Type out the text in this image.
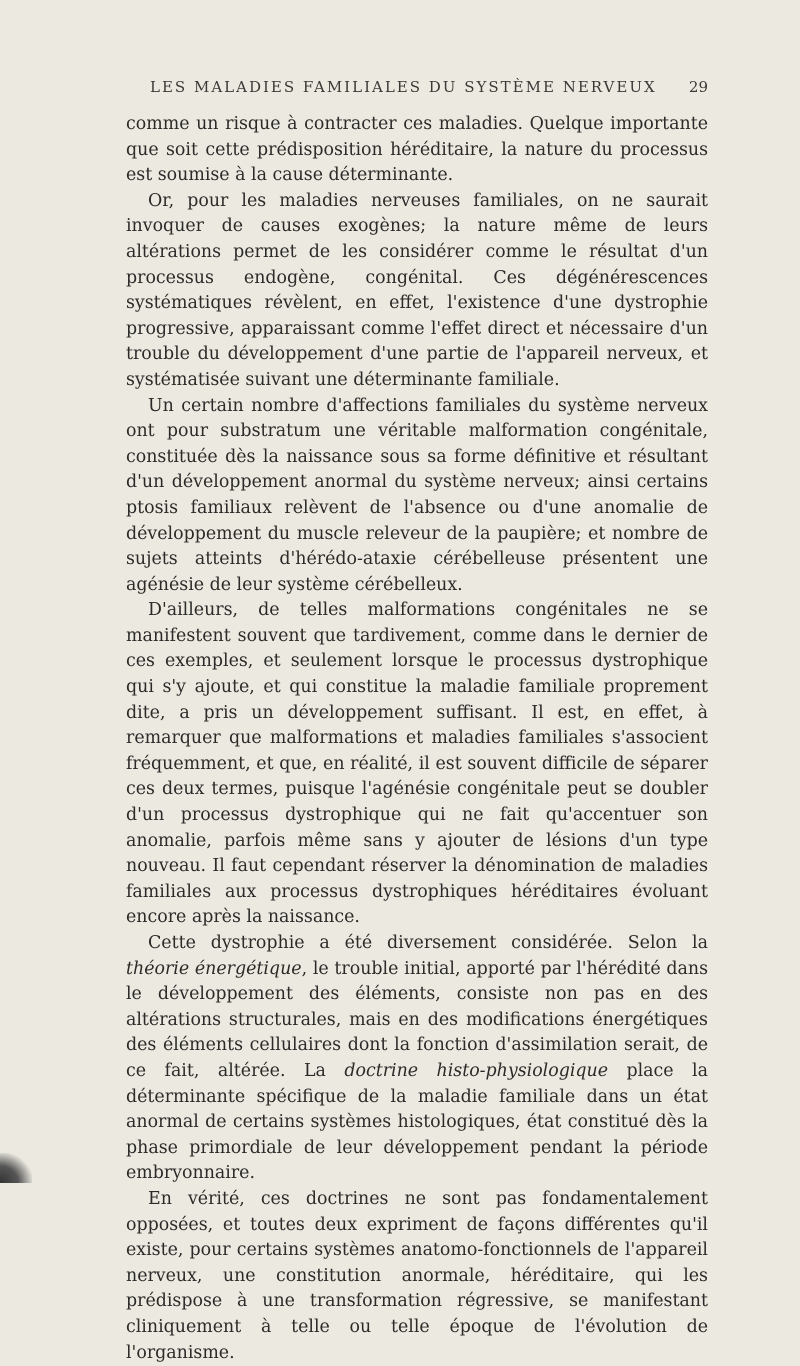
LES MALADIES FAMILIALES DU SYSTÈME NERVEUX 29

comme un risque à contracter ces maladies. Quelque importante que soit cette prédisposition héréditaire, la nature du processus est soumise à la cause déterminante.

Or, pour les maladies nerveuses familiales, on ne saurait invoquer de causes exogènes; la nature même de leurs altérations permet de les considérer comme le résultat d'un processus endogène, congénital. Ces dégénérescences systématiques révèlent, en effet, l'existence d'une dystrophie progressive, apparaissant comme l'effet direct et nécessaire d'un trouble du développement d'une partie de l'appareil nerveux, et systématisée suivant une déterminante familiale.

Un certain nombre d'affections familiales du système nerveux ont pour substratum une véritable malformation congénitale, constituée dès la naissance sous sa forme définitive et résultant d'un développement anormal du système nerveux; ainsi certains ptosis familiaux relèvent de l'absence ou d'une anomalie de développement du muscle releveur de la paupière; et nombre de sujets atteints d'hérédo-ataxie cérébelleuse présentent une agénésie de leur système cérébelleux.

D'ailleurs, de telles malformations congénitales ne se manifestent souvent que tardivement, comme dans le dernier de ces exemples, et seulement lorsque le processus dystrophique qui s'y ajoute, et qui constitue la maladie familiale proprement dite, a pris un développement suffisant. Il est, en effet, à remarquer que malformations et maladies familiales s'associent fréquemment, et que, en réalité, il est souvent difficile de séparer ces deux termes, puisque l'agénésie congénitale peut se doubler d'un processus dystrophique qui ne fait qu'accentuer son anomalie, parfois même sans y ajouter de lésions d'un type nouveau. Il faut cependant réserver la dénomination de maladies familiales aux processus dystrophiques héréditaires évoluant encore après la naissance.

Cette dystrophie a été diversement considérée. Selon la théorie énergétique, le trouble initial, apporté par l'hérédité dans le développement des éléments, consiste non pas en des altérations structurales, mais en des modifications énergétiques des éléments cellulaires dont la fonction d'assimilation serait, de ce fait, altérée. La doctrine histo-physiologique place la déterminante spécifique de la maladie familiale dans un état anormal de certains systèmes histologiques, état constitué dès la phase primordiale de leur développement pendant la période embryonnaire.

En vérité, ces doctrines ne sont pas fondamentalement opposées, et toutes deux expriment de façons différentes qu'il existe, pour certains systèmes anatomo-fonctionnels de l'appareil nerveux, une constitution anormale, héréditaire, qui les prédispose à une transformation régressive, se manifestant cliniquement à telle ou telle époque de l'évolution de l'organisme.
